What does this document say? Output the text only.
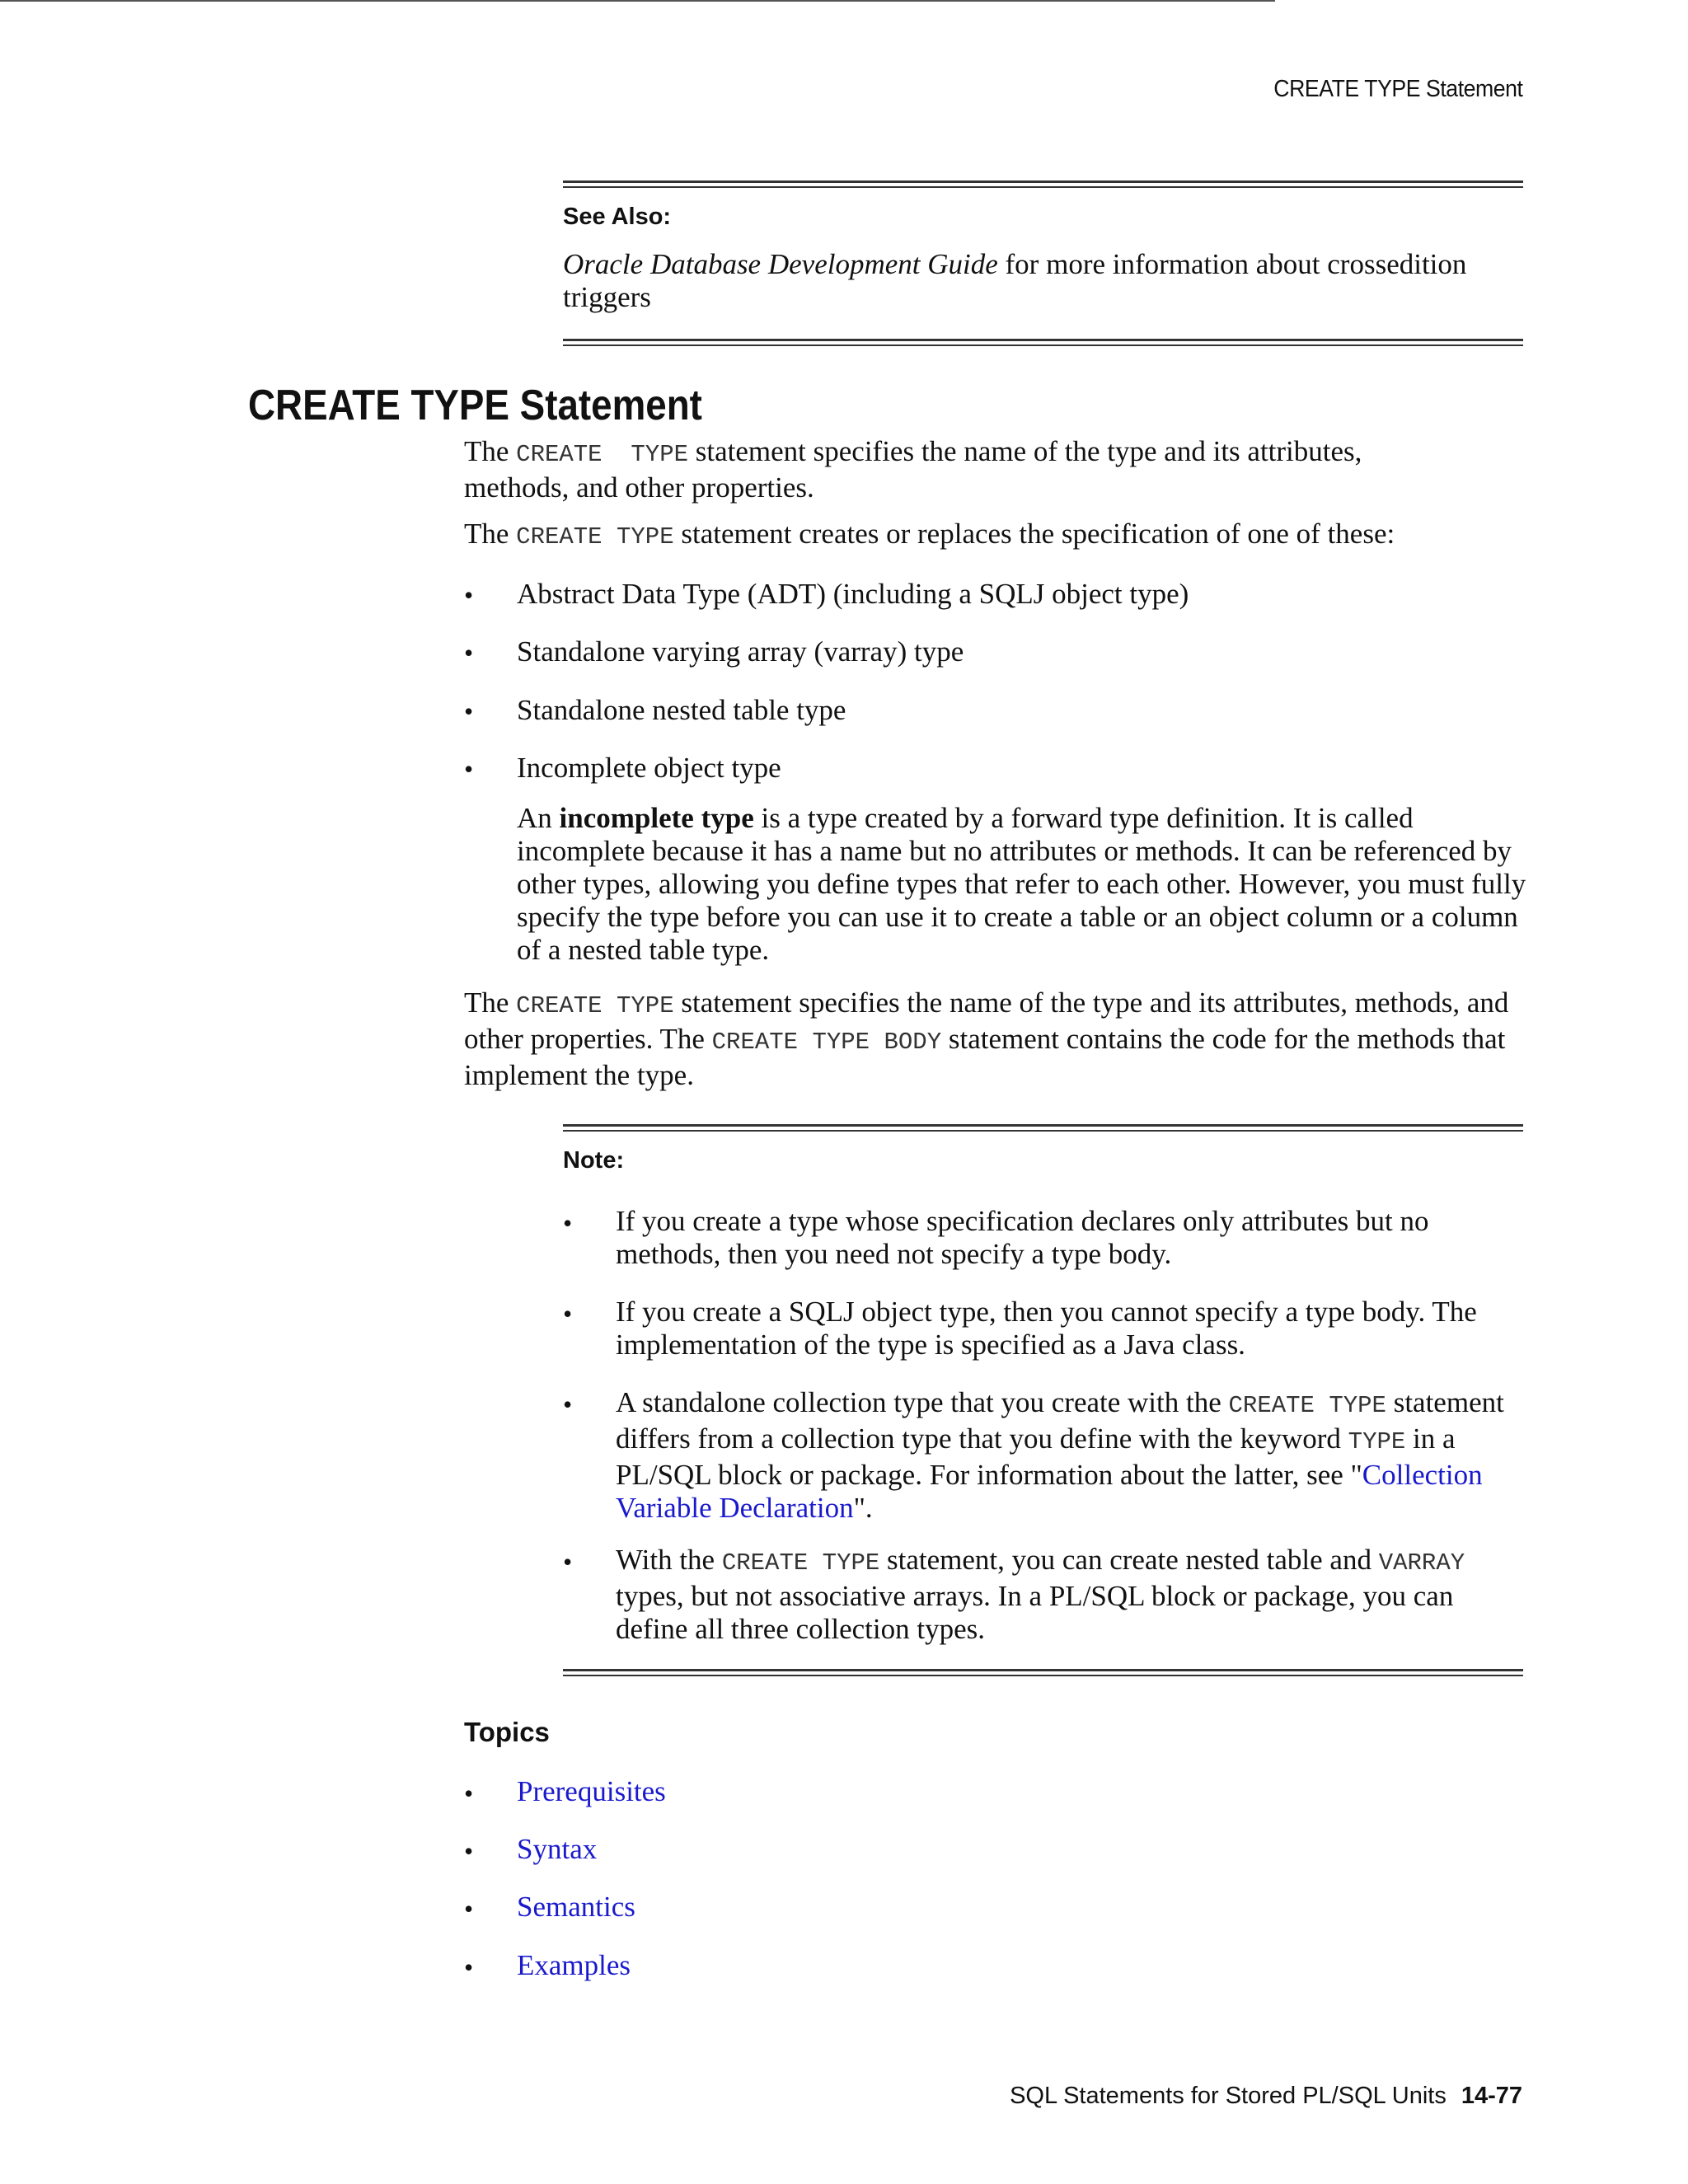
CREATE TYPE Statement
See Also:
Oracle Database Development Guide for more information about crossedition triggers
CREATE TYPE Statement
The CREATE  TYPE statement specifies the name of the type and its attributes, methods, and other properties.
The CREATE TYPE statement creates or replaces the specification of one of these:
• Abstract Data Type (ADT) (including a SQLJ object type)
• Standalone varying array (varray) type
• Standalone nested table type
• Incomplete object type
An incomplete type is a type created by a forward type definition. It is called incomplete because it has a name but no attributes or methods. It can be referenced by other types, allowing you define types that refer to each other. However, you must fully specify the type before you can use it to create a table or an object column or a column of a nested table type.
The CREATE TYPE statement specifies the name of the type and its attributes, methods, and other properties. The CREATE TYPE BODY statement contains the code for the methods that implement the type.
Note:
• If you create a type whose specification declares only attributes but no methods, then you need not specify a type body.
• If you create a SQLJ object type, then you cannot specify a type body. The implementation of the type is specified as a Java class.
• A standalone collection type that you create with the CREATE TYPE statement differs from a collection type that you define with the keyword TYPE in a PL/SQL block or package. For information about the latter, see "Collection Variable Declaration".
• With the CREATE TYPE statement, you can create nested table and VARRAY types, but not associative arrays. In a PL/SQL block or package, you can define all three collection types.
Topics
• Prerequisites
• Syntax
• Semantics
• Examples
SQL Statements for Stored PL/SQL Units 14-77
